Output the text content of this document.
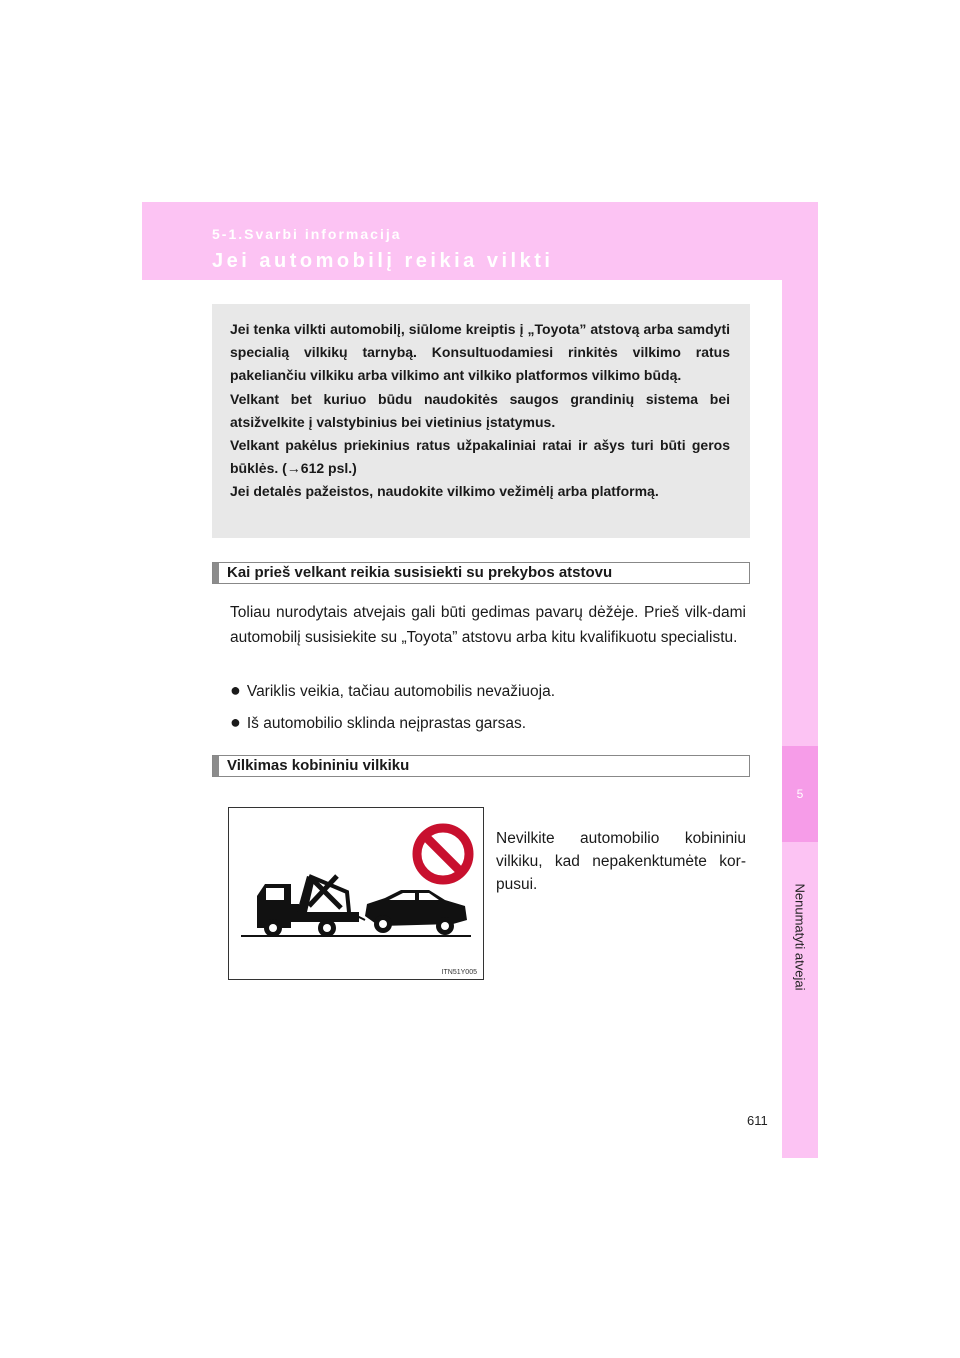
5-1.Svarbi informacija
Jei automobilį reikia vilkti
5
Nenumatyti atvejai

Jei tenka vilkti automobilį, siūlome kreiptis į „Toyota” atstovą arba samdyti specialią vilkikų tarnybą. Konsultuodamiesi rinkitės vilkimo ratus pakeliančiu vilkiku arba vilkimo ant vilkiko platformos vilkimo būdą.

Velkant bet kuriuo būdu naudokitės saugos grandinių sistema bei atsižvelkite į valstybinius bei vietinius įstatymus.

Velkant pakėlus priekinius ratus užpakaliniai ratai ir ašys turi būti geros būklės. (→612 psl.)

Jei detalės pažeistos, naudokite vilkimo vežimėlį arba platformą.

Kai prieš velkant reikia susisiekti su prekybos atstovu

Toliau nurodytais atvejais gali būti gedimas pavarų dėžėje. Prieš vilk-dami automobilį susisiekite su „Toyota” atstovu arba kitu kvalifikuotu specialistu.

● Variklis veikia, tačiau automobilis nevažiuoja.
● Iš automobilio sklinda neįprastas garsas.
Vilkimas kobininiu vilkiku
ITN51Y005

Nevilkite automobilio kobininiu vilkiku, kad nepakenktumėte kor-pusui.

611
